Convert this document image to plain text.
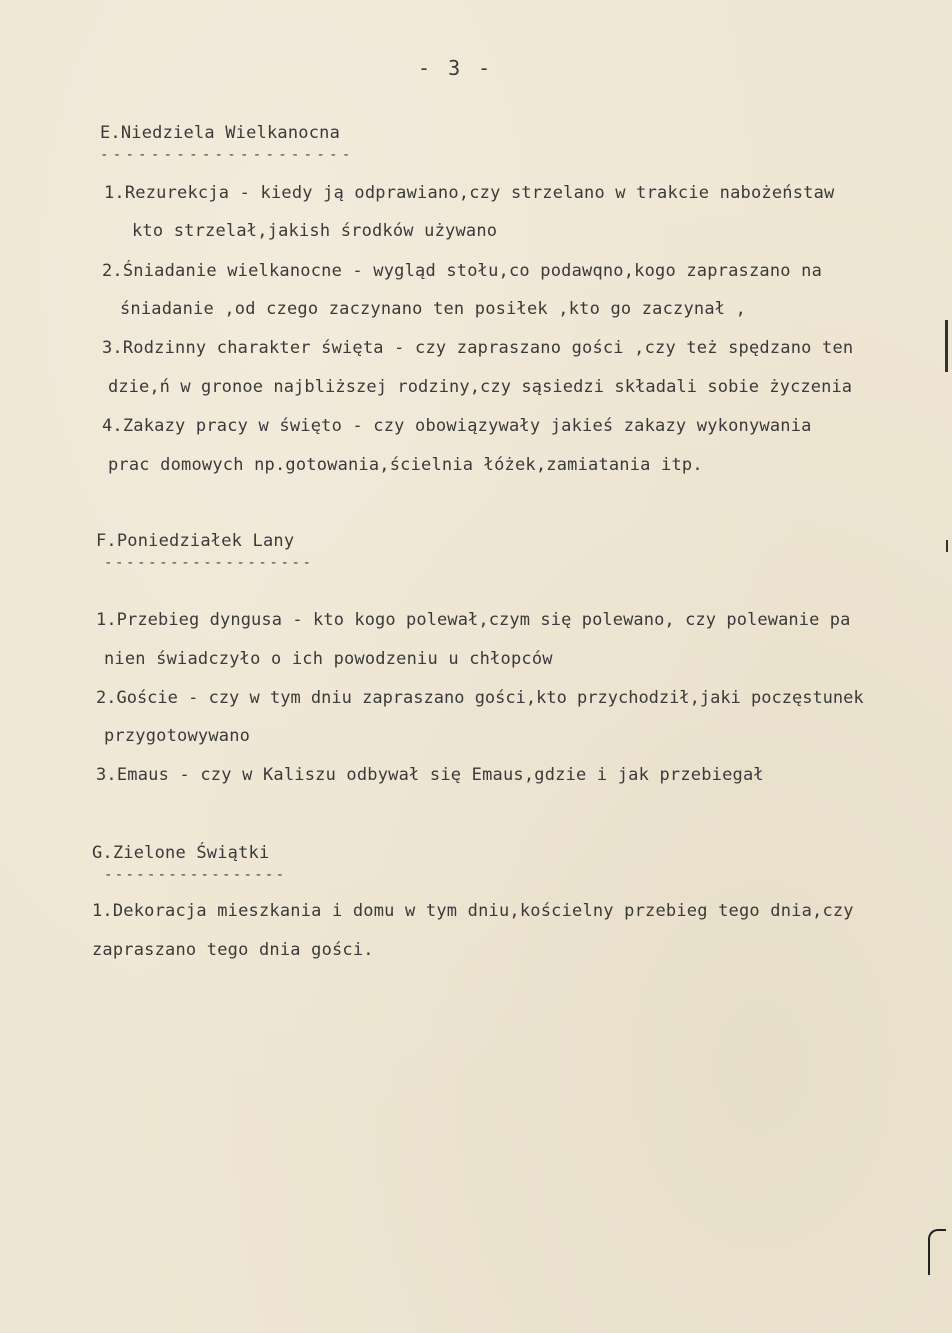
- 3 -
E.Niedziela Wielkanocna
--------------------
1.Rezurekcja - kiedy ją odprawiano,czy strzelano w trakcie nabożeństaw
kto strzelał,jakish środków używano
2.Śniadanie wielkanocne - wygląd stołu,co podawqno,kogo zapraszano na
śniadanie ,od czego zaczynano ten posiłek ,kto go zaczynał ,
3.Rodzinny charakter święta - czy zapraszano gości ,czy też spędzano ten
dzie,ń w gronoe najbliższej rodziny,czy sąsiedzi składali sobie życzenia
4.Zakazy pracy w święto - czy obowiązywały jakieś zakazy wykonywania
prac domowych np.gotowania,ścielnia łóżek,zamiatania itp.
F.Poniedziałek Lany
-------------------
1.Przebieg dyngusa - kto kogo polewał,czym się polewano, czy polewanie pa
nien świadczyło o ich powodzeniu u chłopców
2.Goście - czy w tym dniu zapraszano gości,kto przychodził,jaki poczęstunek
przygotowywano
3.Emaus - czy w Kaliszu odbywał się Emaus,gdzie i jak przebiegał
G.Zielone Świątki
-----------------
1.Dekoracja mieszkania i domu w tym dniu,kościelny przebieg tego dnia,czy
zapraszano tego dnia gości.
